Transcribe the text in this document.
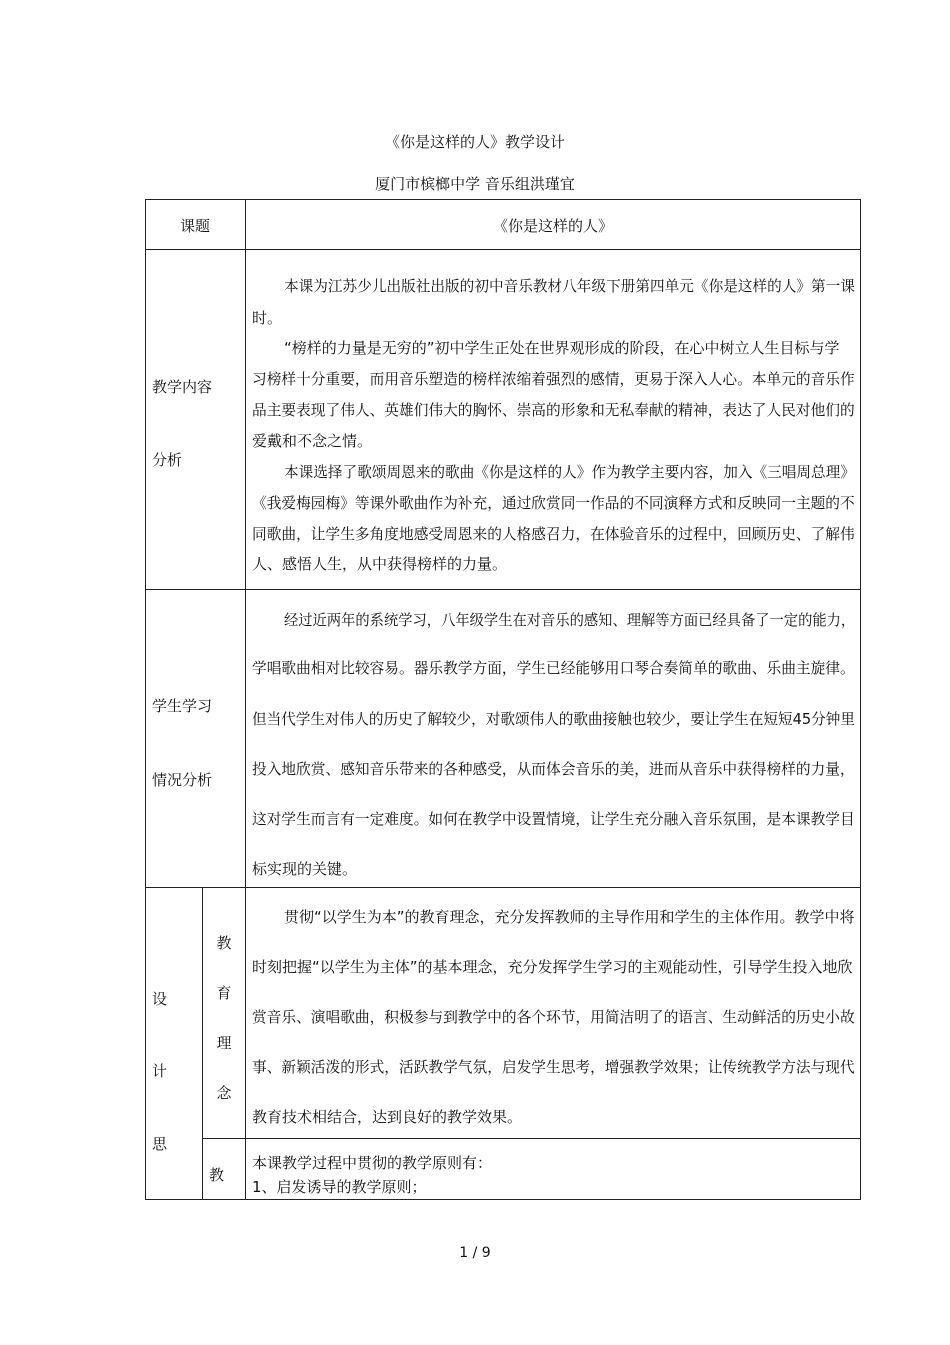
《你是这样的人》教学设计
厦门市槟榔中学 音乐组洪瑾宜
课题	《你是这样的人》
教学内容
分析
本课为江苏少儿出版社出版的初中音乐教材八年级下册第四单元《你是这样的人》第一课
时。
“榜样的力量是无穷的”初中学生正处在世界观形成的阶段，在心中树立人生目标与学
习榜样十分重要，而用音乐塑造的榜样浓缩着强烈的感情，更易于深入人心。本单元的音乐作
品主要表现了伟人、英雄们伟大的胸怀、崇高的形象和无私奉献的精神，表达了人民对他们的
爱戴和不念之情。
本课选择了歌颂周恩来的歌曲《你是这样的人》作为教学主要内容，加入《三唱周总理》
《我爱梅园梅》等课外歌曲作为补充，通过欣赏同一作品的不同演释方式和反映同一主题的不
同歌曲，让学生多角度地感受周恩来的人格感召力，在体验音乐的过程中，回顾历史、了解伟
人、感悟人生，从中获得榜样的力量。
学生学习
情况分析
经过近两年的系统学习，八年级学生在对音乐的感知、理解等方面已经具备了一定的能力，
学唱歌曲相对比较容易。器乐教学方面，学生已经能够用口琴合奏简单的歌曲、乐曲主旋律。
但当代学生对伟人的历史了解较少，对歌颂伟人的歌曲接触也较少，要让学生在短短45分钟里
投入地欣赏、感知音乐带来的各种感受，从而体会音乐的美，进而从音乐中获得榜样的力量，
这对学生而言有一定难度。如何在教学中设置情境，让学生充分融入音乐氛围，是本课教学目
标实现的关键。
设
计
思
教
育
理
念
贯彻“以学生为本”的教育理念，充分发挥教师的主导作用和学生的主体作用。教学中将
时刻把握“以学生为主体”的基本理念，充分发挥学生学习的主观能动性，引导学生投入地欣
赏音乐、演唱歌曲，积极参与到教学中的各个环节，用简洁明了的语言、生动鲜活的历史小故
事、新颖活泼的形式，活跃教学气氛，启发学生思考，增强教学效果；让传统教学方法与现代
教育技术相结合，达到良好的教学效果。
教
本课教学过程中贯彻的教学原则有：
1、启发诱导的教学原则；
1 / 9
